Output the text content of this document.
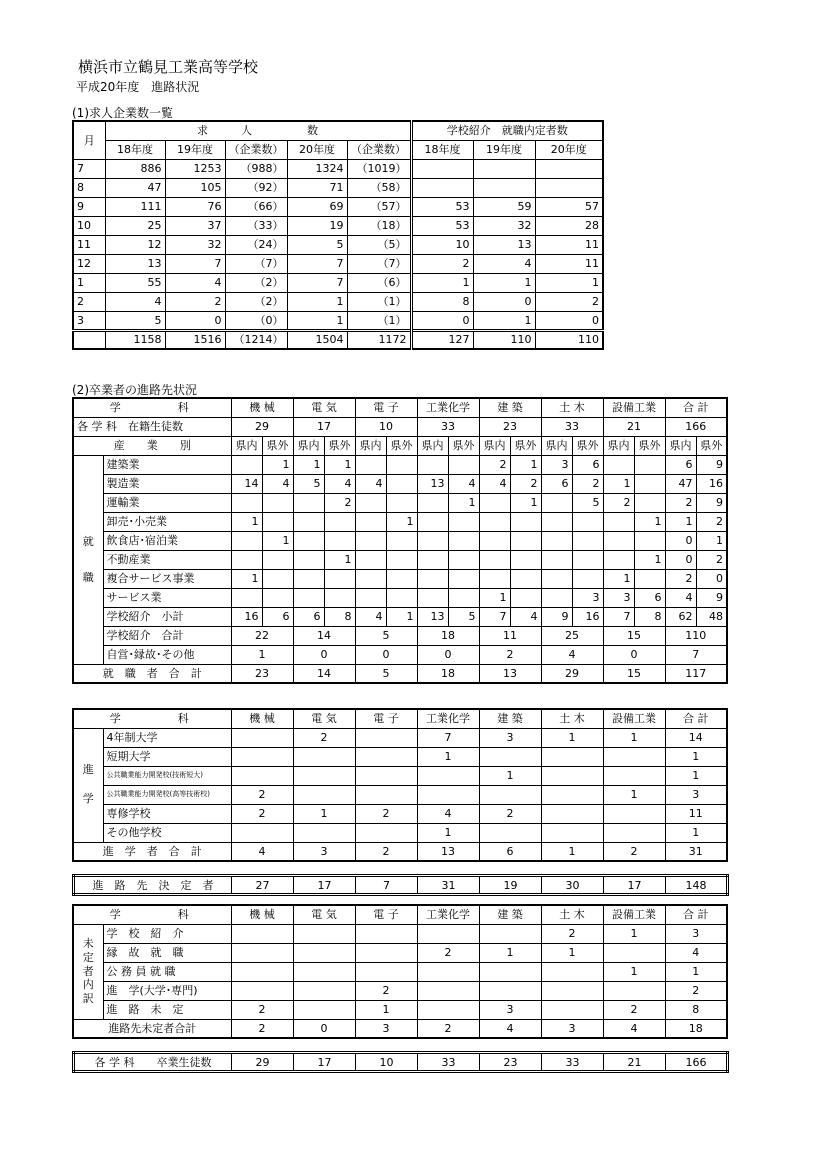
横浜市立鶴見工業高等学校
平成20年度　進路状況
(1)求人企業数一覧
月	求　　　人　　　　　数					学校紹介　就職内定者数		
	18年度	19年度	（企業数）	20年度	（企業数）	18年度	19年度	20年度
7	886	1253	（988）	1324	（1019）			
8	47	105	（92）	71	（58）			
9	111	76	（66）	69	（57）	53	59	57
10	25	37	（33）	19	（18）	53	32	28
11	12	32	（24）	5	（5）	10	13	11
12	13	7	（7）	7	（7）	2	4	11
1	55	4	（2）	7	（6）	1	1	1
2	4	2	（2）	1	（1）	8	0	2
3	5	0	（0）	1	（1）	0	1	0
	1158	1516	（1214）	1504	1172	127	110	110
(2)卒業者の進路先状況
学　　　科		機 械		電 気		電 子		工業化学		建 築		土 木		設備工業		合 計	
各 学 科　在籍生徒数		29		17		10		33		23		33		21		166	
産　　業　　別		県内	県外	県内	県外	県内	県外	県内	県外	県内	県外	県内	県外	県内	県外	県内	県外

就
職	建築業		1	1	1					2	1	3	6			6	9
	製造業	14	4	5	4	4		13	4	4	2	6	2	1		47	16
	運輸業				2				1		1		5	2		2	9
	卸売･小売業	1					1								1	1	2
	飲食店･宿泊業		1													0	1
	不動産業				1										1	0	2
	複合サービス事業	1												1		2	0
	サービス業									1			3	3	6	4	9
	学校紹介　小計	16	6	6	8	4	1	13	5	7	4	9	16	7	8	62	48
	学校紹介　合計	22		14		5		18		11		25		15		110	
	自営･縁故･その他	1		0		0		0		2		4		0		7	
就　職　者　合　計		23		14		5		18		13		29		15		117	
学　　　科		機 械	電 気	電 子	工業化学	建 築	土 木	設備工業	合 計

進
学	4年制大学		2		7	3	1	1	14
	短期大学				1				1
	公共職業能力開発校(技術短大)					1			1
	公共職業能力開発校(高等技術校)	2						1	3
	専修学校	2	1	2	4	2			11
	その他学校				1				1
進　学　者　合　計		4	3	2	13	6	1	2	31
進　路　先　決　定　者	27	17	7	31	19	30	17	148
学　　　科		機 械	電 気	電 子	工業化学	建 築	土 木	設備工業	合 計

未
定
者
内
訳	学　校　紹　介						2	1	3
	縁　故　就　職				2	1	1		4
	公 務 員 就 職							1	1
	進　学(大学･専門)			2					2
	進　路　未　定	2		1		3		2	8
進路先未定者合計		2	0	3	2	4	3	4	18
各 学 科　　卒業生徒数	29	17	10	33	23	33	21	166
